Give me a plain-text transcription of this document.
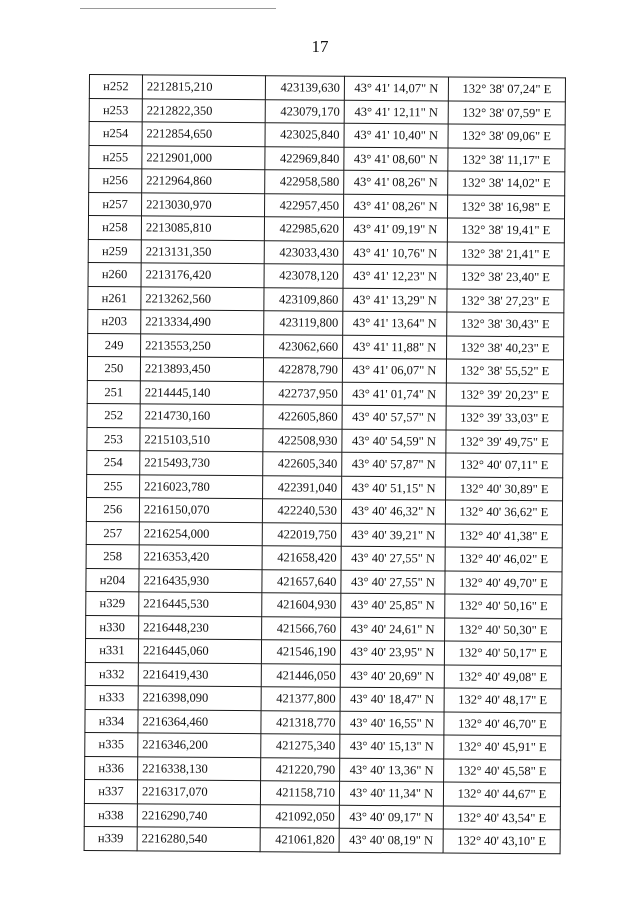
17
н252	2212815,210	423139,630	43° 41' 14,07" N	132° 38' 07,24" E
н253	2212822,350	423079,170	43° 41' 12,11" N	132° 38' 07,59" E
н254	2212854,650	423025,840	43° 41' 10,40" N	132° 38' 09,06" E
н255	2212901,000	422969,840	43° 41' 08,60" N	132° 38' 11,17" E
н256	2212964,860	422958,580	43° 41' 08,26" N	132° 38' 14,02" E
н257	2213030,970	422957,450	43° 41' 08,26" N	132° 38' 16,98" E
н258	2213085,810	422985,620	43° 41' 09,19" N	132° 38' 19,41" E
н259	2213131,350	423033,430	43° 41' 10,76" N	132° 38' 21,41" E
н260	2213176,420	423078,120	43° 41' 12,23" N	132° 38' 23,40" E
н261	2213262,560	423109,860	43° 41' 13,29" N	132° 38' 27,23" E
н203	2213334,490	423119,800	43° 41' 13,64" N	132° 38' 30,43" E
249	2213553,250	423062,660	43° 41' 11,88" N	132° 38' 40,23" E
250	2213893,450	422878,790	43° 41' 06,07" N	132° 38' 55,52" E
251	2214445,140	422737,950	43° 41' 01,74" N	132° 39' 20,23" E
252	2214730,160	422605,860	43° 40' 57,57" N	132° 39' 33,03" E
253	2215103,510	422508,930	43° 40' 54,59" N	132° 39' 49,75" E
254	2215493,730	422605,340	43° 40' 57,87" N	132° 40' 07,11" E
255	2216023,780	422391,040	43° 40' 51,15" N	132° 40' 30,89" E
256	2216150,070	422240,530	43° 40' 46,32" N	132° 40' 36,62" E
257	2216254,000	422019,750	43° 40' 39,21" N	132° 40' 41,38" E
258	2216353,420	421658,420	43° 40' 27,55" N	132° 40' 46,02" E
н204	2216435,930	421657,640	43° 40' 27,55" N	132° 40' 49,70" E
н329	2216445,530	421604,930	43° 40' 25,85" N	132° 40' 50,16" E
н330	2216448,230	421566,760	43° 40' 24,61" N	132° 40' 50,30" E
н331	2216445,060	421546,190	43° 40' 23,95" N	132° 40' 50,17" E
н332	2216419,430	421446,050	43° 40' 20,69" N	132° 40' 49,08" E
н333	2216398,090	421377,800	43° 40' 18,47" N	132° 40' 48,17" E
н334	2216364,460	421318,770	43° 40' 16,55" N	132° 40' 46,70" E
н335	2216346,200	421275,340	43° 40' 15,13" N	132° 40' 45,91" E
н336	2216338,130	421220,790	43° 40' 13,36" N	132° 40' 45,58" E
н337	2216317,070	421158,710	43° 40' 11,34" N	132° 40' 44,67" E
н338	2216290,740	421092,050	43° 40' 09,17" N	132° 40' 43,54" E
н339	2216280,540	421061,820	43° 40' 08,19" N	132° 40' 43,10" E
